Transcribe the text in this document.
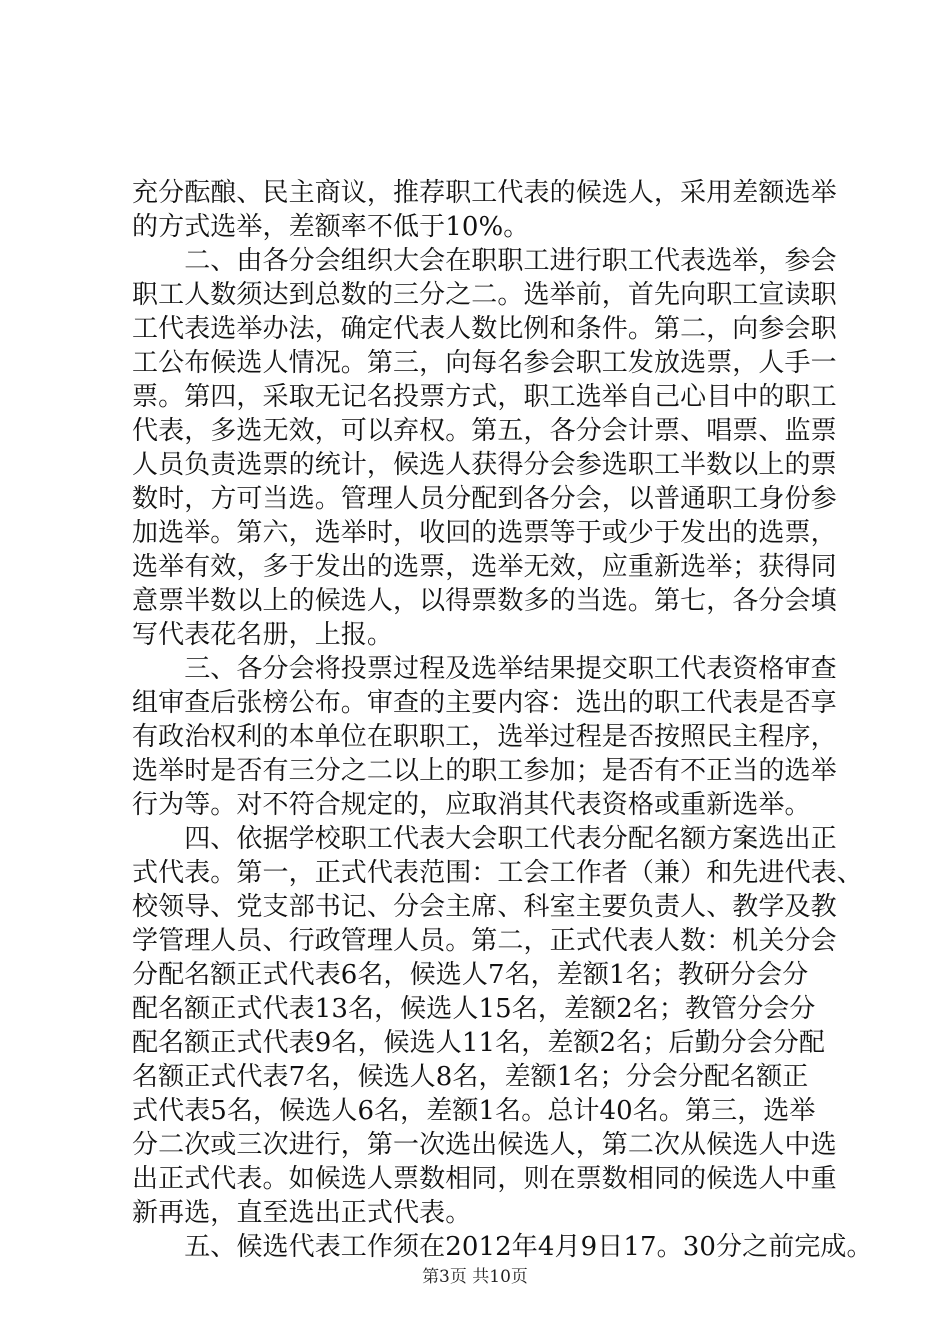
充分酝酿、民主商议，推荐职工代表的候选人，采用差额选举
的方式选举，差额率不低于10%。
　　二、由各分会组织大会在职职工进行职工代表选举，参会
职工人数须达到总数的三分之二。选举前，首先向职工宣读职
工代表选举办法，确定代表人数比例和条件。第二，向参会职
工公布候选人情况。第三，向每名参会职工发放选票，人手一
票。第四，采取无记名投票方式，职工选举自己心目中的职工
代表，多选无效，可以弃权。第五，各分会计票、唱票、监票
人员负责选票的统计，候选人获得分会参选职工半数以上的票
数时，方可当选。管理人员分配到各分会，以普通职工身份参
加选举。第六，选举时，收回的选票等于或少于发出的选票，
选举有效，多于发出的选票，选举无效，应重新选举；获得同
意票半数以上的候选人，以得票数多的当选。第七，各分会填
写代表花名册，上报。
　　三、各分会将投票过程及选举结果提交职工代表资格审查
组审查后张榜公布。审查的主要内容：选出的职工代表是否享
有政治权利的本单位在职职工，选举过程是否按照民主程序，
选举时是否有三分之二以上的职工参加；是否有不正当的选举
行为等。对不符合规定的，应取消其代表资格或重新选举。
　　四、依据学校职工代表大会职工代表分配名额方案选出正
式代表。第一，正式代表范围：工会工作者（兼）和先进代表、
校领导、党支部书记、分会主席、科室主要负责人、教学及教
学管理人员、行政管理人员。第二，正式代表人数：机关分会
分配名额正式代表6名，候选人7名，差额1名；教研分会分
配名额正式代表13名，候选人15名，差额2名；教管分会分
配名额正式代表9名，候选人11名，差额2名；后勤分会分配
名额正式代表7名，候选人8名，差额1名；分会分配名额正
式代表5名，候选人6名，差额1名。总计40名。第三，选举
分二次或三次进行，第一次选出候选人，第二次从候选人中选
出正式代表。如候选人票数相同，则在票数相同的候选人中重
新再选，直至选出正式代表。
　　五、候选代表工作须在2012年4月9日17。30分之前完成。
第3页 共10页
